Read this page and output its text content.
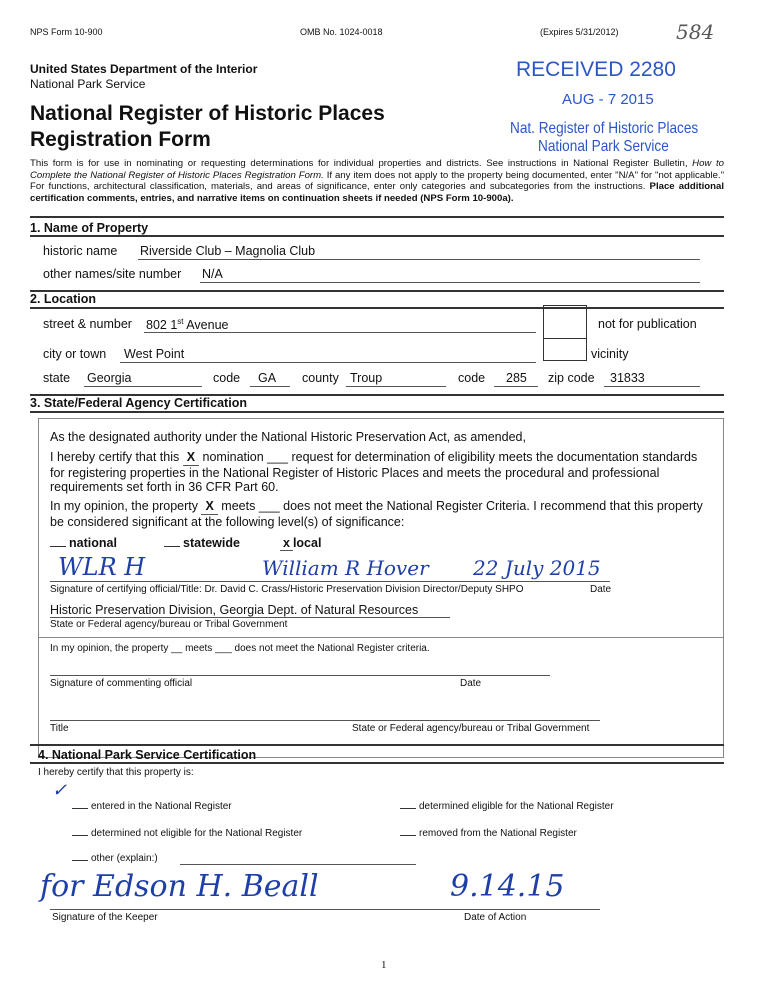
NPS Form 10-900	OMB No. 1024-0018	(Expires 5/31/2012)	584
United States Department of the Interior
National Park Service
National Register of Historic Places
Registration Form
RECEIVED 2280
AUG - 7 2015
Nat. Register of Historic Places
National Park Service

This form is for use in nominating or requesting determinations for individual properties and districts. See instructions in National Register Bulletin, How to Complete the National Register of Historic Places Registration Form. If any item does not apply to the property being documented, enter "N/A" for "not applicable." For functions, architectural classification, materials, and areas of significance, enter only categories and subcategories from the instructions. Place additional certification comments, entries, and narrative items on continuation sheets if needed (NPS Form 10-900a).

1. Name of Property
historic name Riverside Club – Magnolia Club
other names/site number N/A
2. Location
street & number 802 1st Avenue	not for publication
city or town West Point	vicinity
state Georgia	code GA county Troup	code 285 zip code 31833
3. State/Federal Agency Certification
As the designated authority under the National Historic Preservation Act, as amended,
I hereby certify that this X nomination ___ request for determination of eligibility meets the documentation standards for registering properties in the National Register of Historic Places and meets the procedural and professional requirements set forth in 36 CFR Part 60.
In my opinion, the property X meets ___ does not meet the National Register Criteria. I recommend that this property be considered significant at the following level(s) of significance:
national	statewide	x local
WLR H	William R Hover 22 July 2015
Signature of certifying official/Title: Dr. David C. Crass/Historic Preservation Division Director/Deputy SHPO	Date
Historic Preservation Division, Georgia Dept. of Natural Resources
State or Federal agency/bureau or Tribal Government
In my opinion, the property __ meets ___ does not meet the National Register criteria.
Signature of commenting official	Date
Title	State or Federal agency/bureau or Tribal Government
4. National Park Service Certification
I hereby certify that this property is:
✓
entered in the National Register	determined eligible for the National Register
determined not eligible for the National Register	removed from the National Register
other (explain:)
for Edson H. Beall	9.14.15
Signature of the Keeper	Date of Action
1
